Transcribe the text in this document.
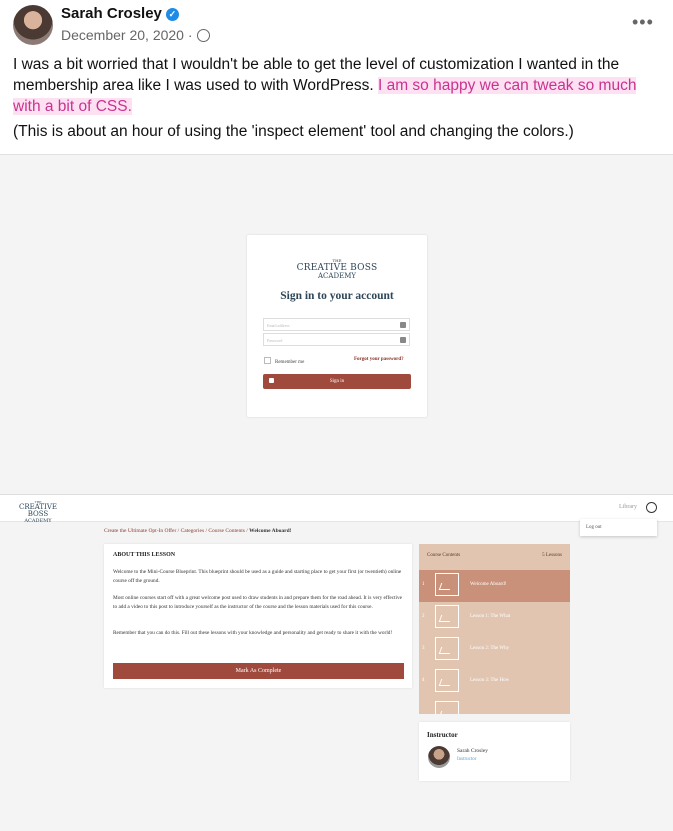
Sarah Crosley ✓
December 20, 2020 ·
•••
I was a bit worried that I wouldn't be able to get the level of customization I wanted in the membership area like I was used to with WordPress. I am so happy we can tweak so much with a bit of CSS.
(This is about an hour of using the 'inspect element' tool and changing the colors.)
THE
CREATIVE BOSS
ACADEMY
Sign in to your account
Email address
Password
Remember me
Forgot your password?
Sign in
THE
CREATIVE BOSS
ACADEMY
Library
Log out
Create the Ultimate Opt-In Offer / Categories / Course Contents / Welcome Aboard!
ABOUT THIS LESSON
Welcome to the Mini-Course Blueprint. This blueprint should be used as a guide and starting place to get your first (or twentieth) online course off the ground.
Most online courses start off with a great welcome post used to draw students in and prepare them for the road ahead. It is very effective to add a video to this post to introduce yourself as the instructor of the course and the lesson materials used for this course.
Remember that you can do this. Fill out these lessons with your knowledge and personality and get ready to share it with the world!
Mark As Complete
Course Contents	5 Lessons
1	Welcome Aboard!
2	Lesson 1: The What
3	Lesson 2: The Why
4	Lesson 3: The How
Instructor
Sarah Crosley
Instructor
